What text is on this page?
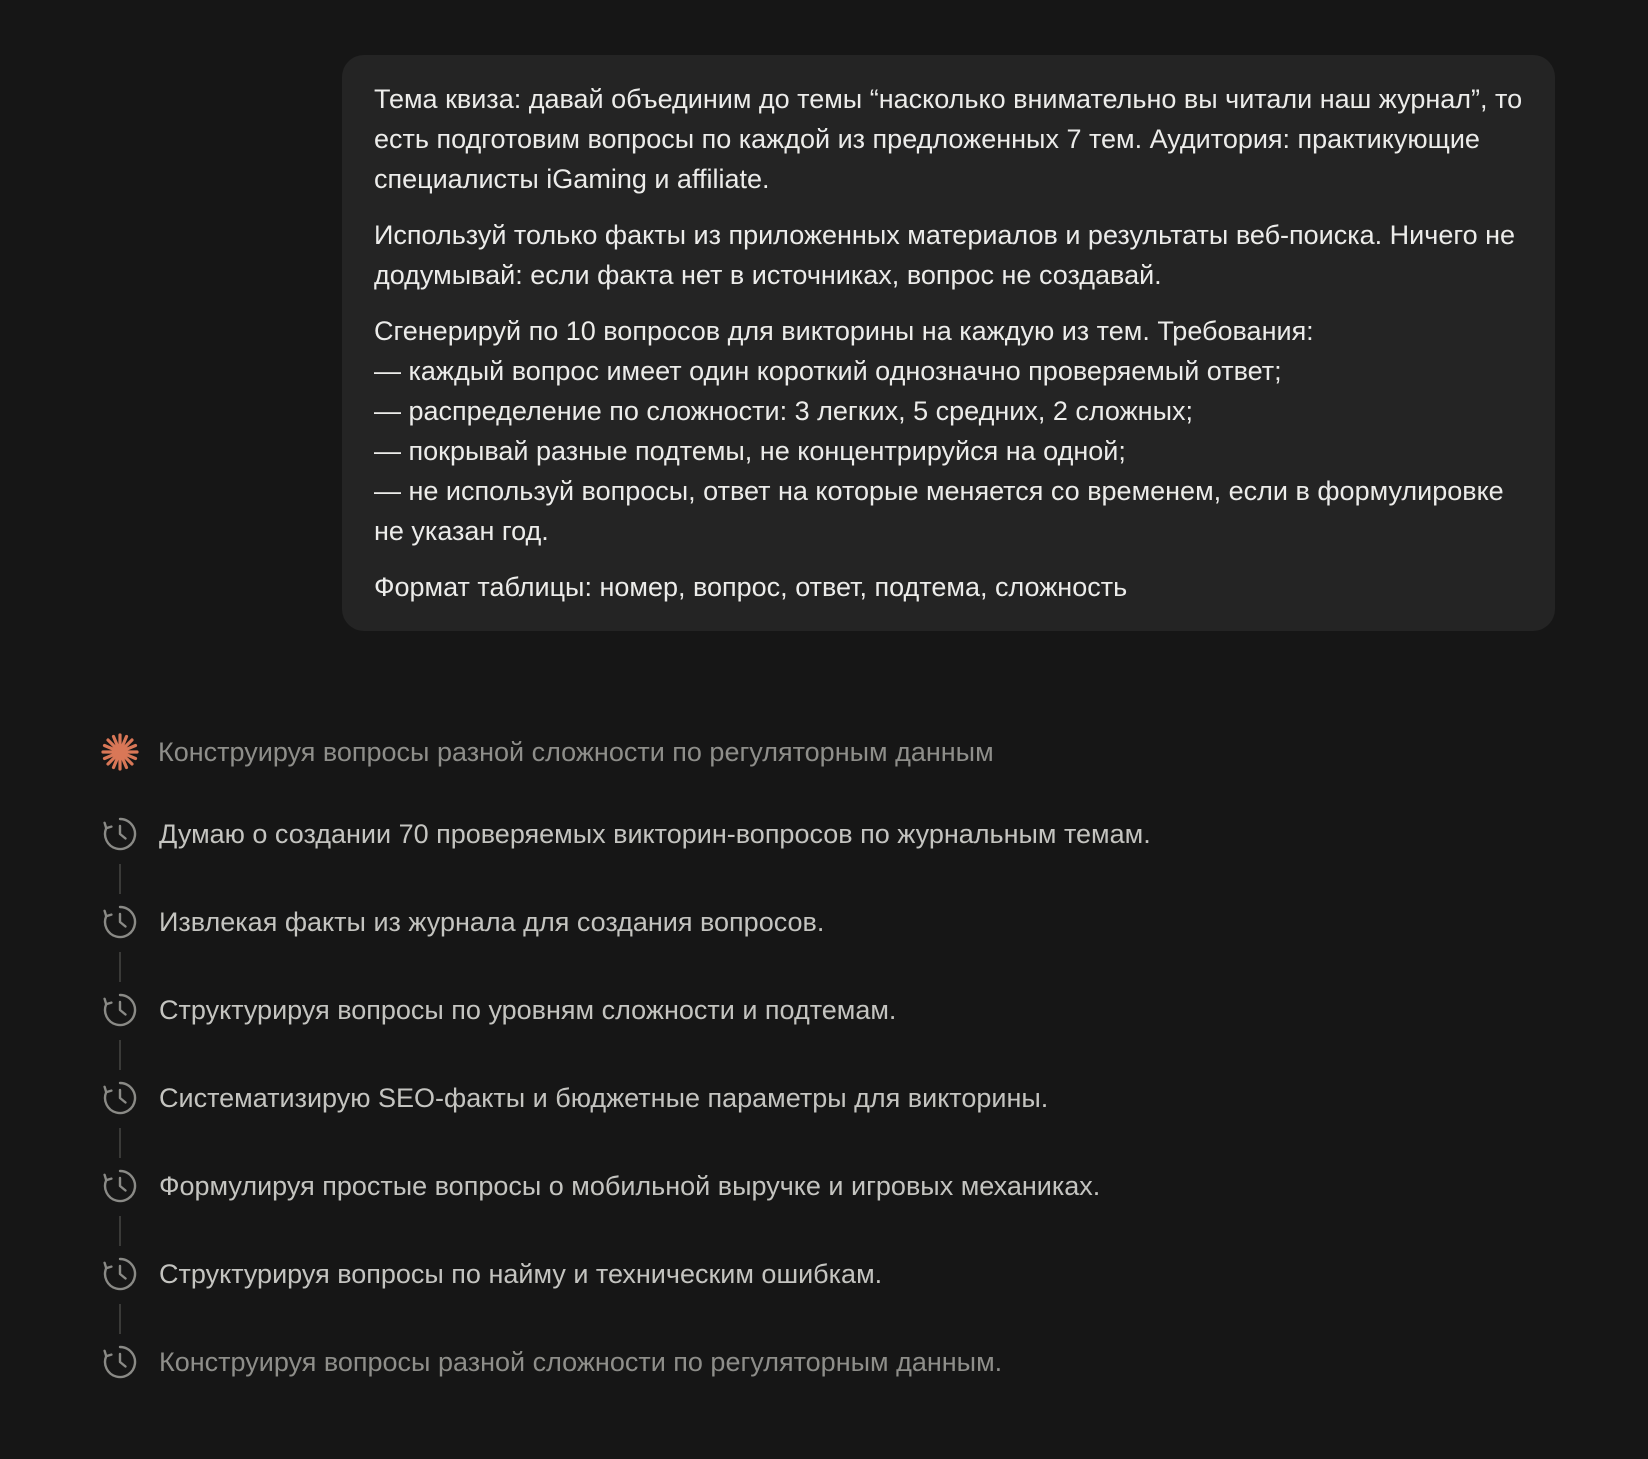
Тема квиза: давай объединим до темы “насколько внимательно вы читали наш журнал”, то есть подготовим вопросы по каждой из предложенных 7 тем. Аудитория: практикующие специалисты iGaming и affiliate.

Используй только факты из приложенных материалов и результаты веб-поиска. Ничего не додумывай: если факта нет в источниках, вопрос не создавай.

Сгенерируй по 10 вопросов для викторины на каждую из тем. Требования:
— каждый вопрос имеет один короткий однозначно проверяемый ответ;
— распределение по сложности: 3 легких, 5 средних, 2 сложных;
— покрывай разные подтемы, не концентрируйся на одной;
— не используй вопросы, ответ на которые меняется со временем, если в формулировке не указан год.

Формат таблицы: номер, вопрос, ответ, подтема, сложность

Конструируя вопросы разной сложности по регуляторным данным
Думаю о создании 70 проверяемых викторин-вопросов по журнальным темам.
Извлекая факты из журнала для создания вопросов.
Структурируя вопросы по уровням сложности и подтемам.
Систематизирую SEO-факты и бюджетные параметры для викторины.
Формулируя простые вопросы о мобильной выручке и игровых механиках.
Структурируя вопросы по найму и техническим ошибкам.
Конструируя вопросы разной сложности по регуляторным данным.
